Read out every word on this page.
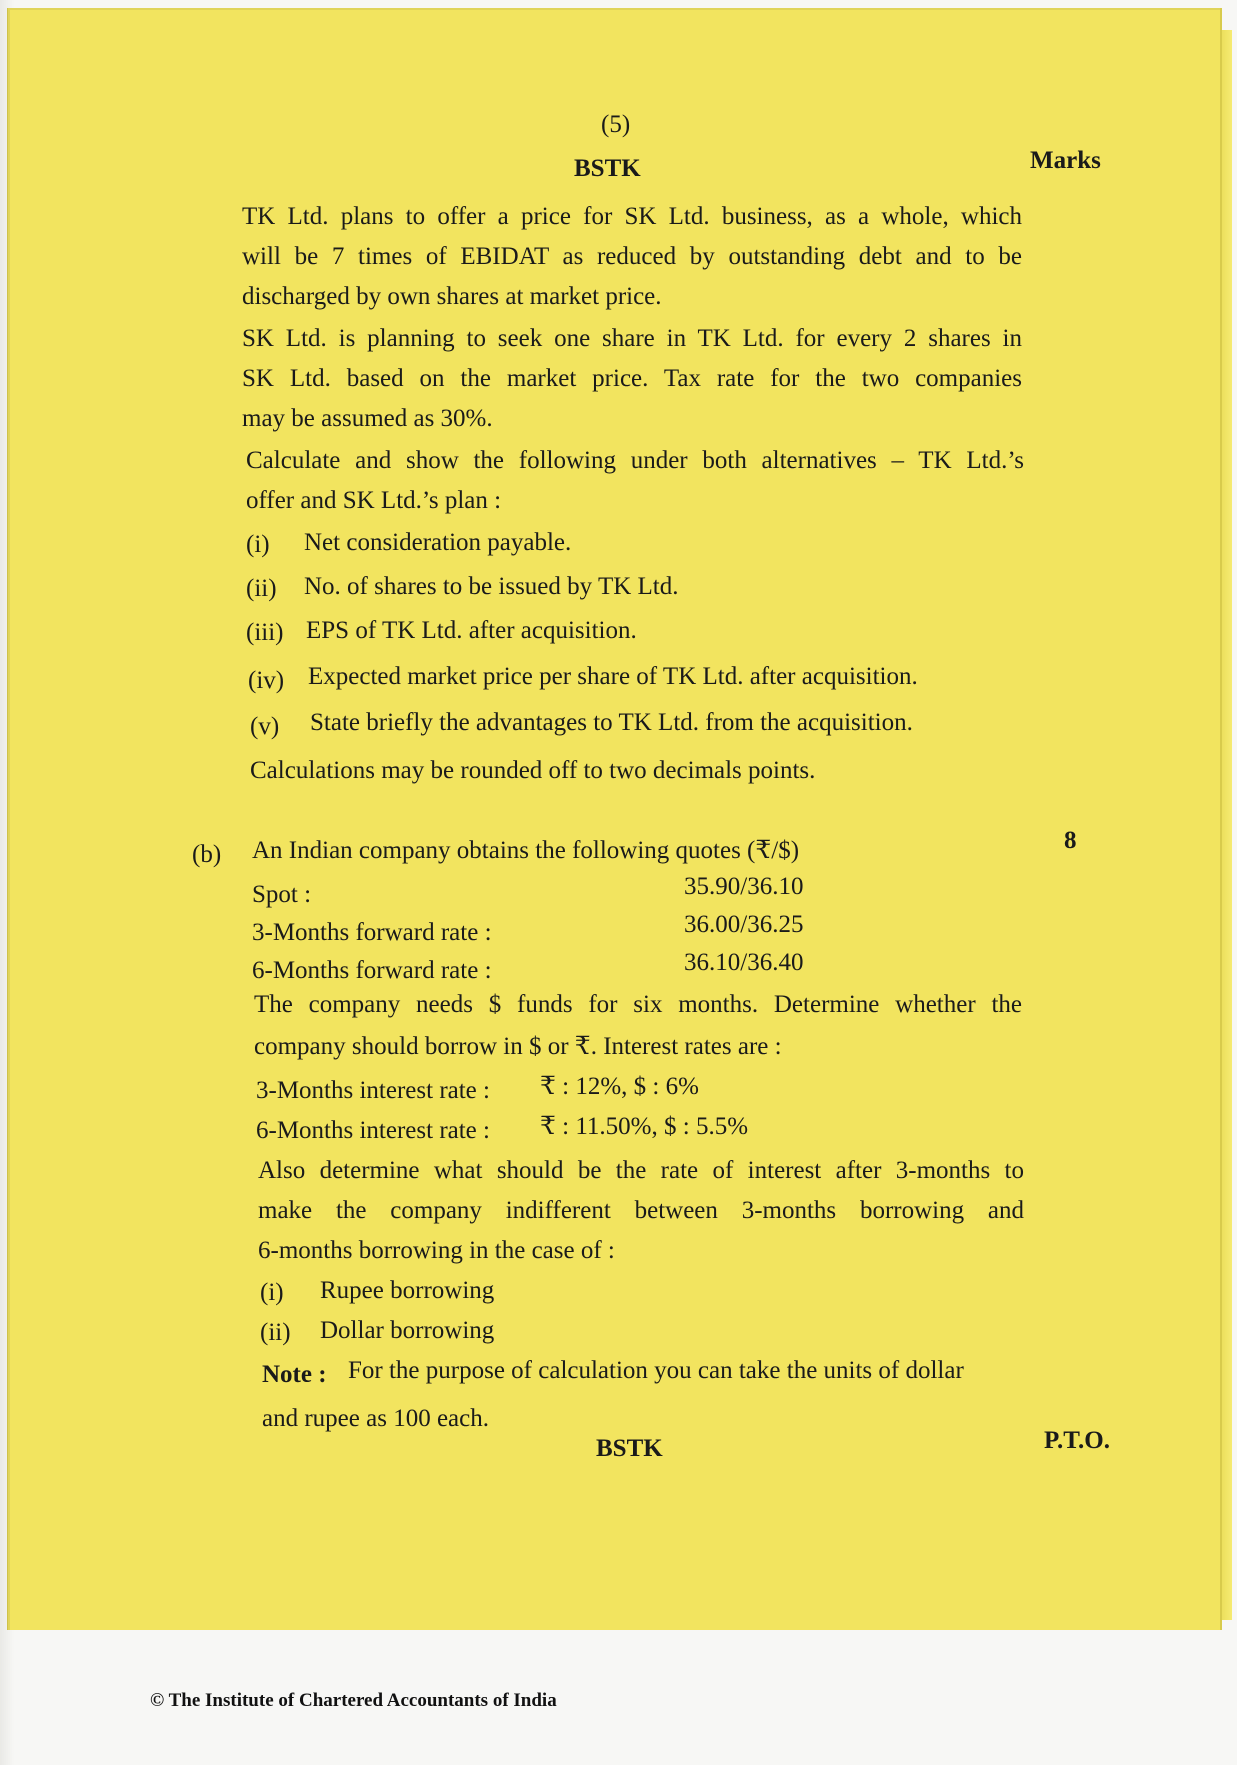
(5)
BSTK	Marks
TK Ltd. plans to offer a price for SK Ltd. business, as a whole, which
will be 7 times of EBIDAT as reduced by outstanding debt and to be
discharged by own shares at market price.
SK Ltd. is planning to seek one share in TK Ltd. for every 2 shares in
SK Ltd. based on the market price. Tax rate for the two companies
may be assumed as 30%.
Calculate and show the following under both alternatives – TK Ltd.’s
offer and SK Ltd.’s plan :
(i) Net consideration payable.
(ii) No. of shares to be issued by TK Ltd.
(iii) EPS of TK Ltd. after acquisition.
(iv) Expected market price per share of TK Ltd. after acquisition.
(v) State briefly the advantages to TK Ltd. from the acquisition.
Calculations may be rounded off to two decimals points.
(b)
8
An Indian company obtains the following quotes (₹/$)
Spot :	35.90/36.10
3-Months forward rate :	36.00/36.25
6-Months forward rate :	36.10/36.40
The company needs $ funds for six months. Determine whether the
company should borrow in $ or ₹. Interest rates are :
3-Months interest rate : ₹ : 12%, $ : 6%
6-Months interest rate : ₹ : 11.50%, $ : 5.5%
Also determine what should be the rate of interest after 3-months to
make the company indifferent between 3-months borrowing and
6-months borrowing in the case of :
(i) Rupee borrowing
(ii) Dollar borrowing
Note : For the purpose of calculation you can take the units of dollar
and rupee as 100 each.
BSTK	P.T.O.
© The Institute of Chartered Accountants of India
